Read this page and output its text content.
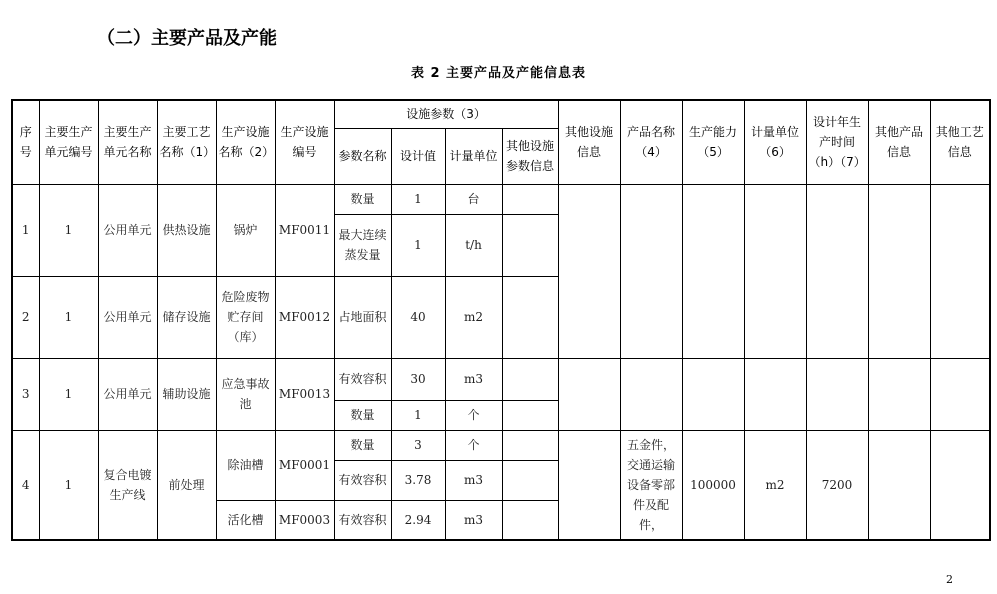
（二）主要产品及产能
表 2 主要产品及产能信息表
序号	主要生产单元编号	主要生产单元名称	主要工艺名称（1）	生产设施名称（2）	生产设施编号	设施参数（3）				其他设施信息	产品名称（4）	生产能力（5）	计量单位（6）	设计年生产时间（h）（7）	其他产品信息	其他工艺信息
						参数名称	设计值	计量单位	其他设施参数信息							
1	1	公用单元	供热设施	锅炉	MF0011	数量	1	台								
						最大连续蒸发量	1	t/h								
2	1	公用单元	储存设施	危险废物贮存间（库）	MF0012	占地面积	40	m2								
3	1	公用单元	辅助设施	应急事故池	MF0013	有效容积	30	m3								
						数量	1	个								
4	1	复合电镀生产线	前处理	除油槽	MF0001	数量	3	个			五金件，交通运输设备零部件及配件，	100000	m2	7200		
						有效容积	3.78	m3								
				活化槽	MF0003	有效容积	2.94	m3								
2
